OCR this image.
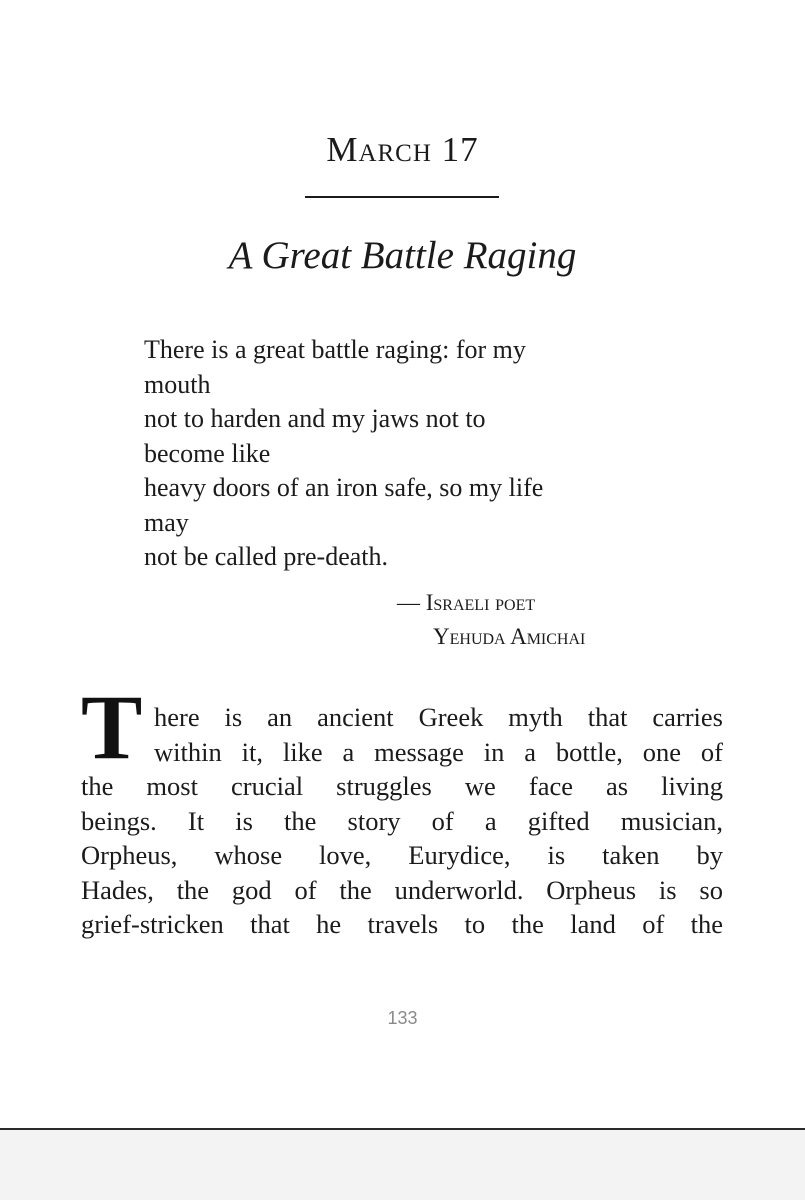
March 17
A Great Battle Raging
There is a great battle raging: for my
mouth
not to harden and my jaws not to
become like
heavy doors of an iron safe, so my life
may
not be called pre-death.
— Israeli poet
Yehuda Amichai
T here is an ancient Greek myth that carries
within it, like a message in a bottle, one of
the most crucial struggles we face as living
beings. It is the story of a gifted musician,
Orpheus, whose love, Eurydice, is taken by
Hades, the god of the underworld. Orpheus is so
grief-stricken that he travels to the land of the
133
